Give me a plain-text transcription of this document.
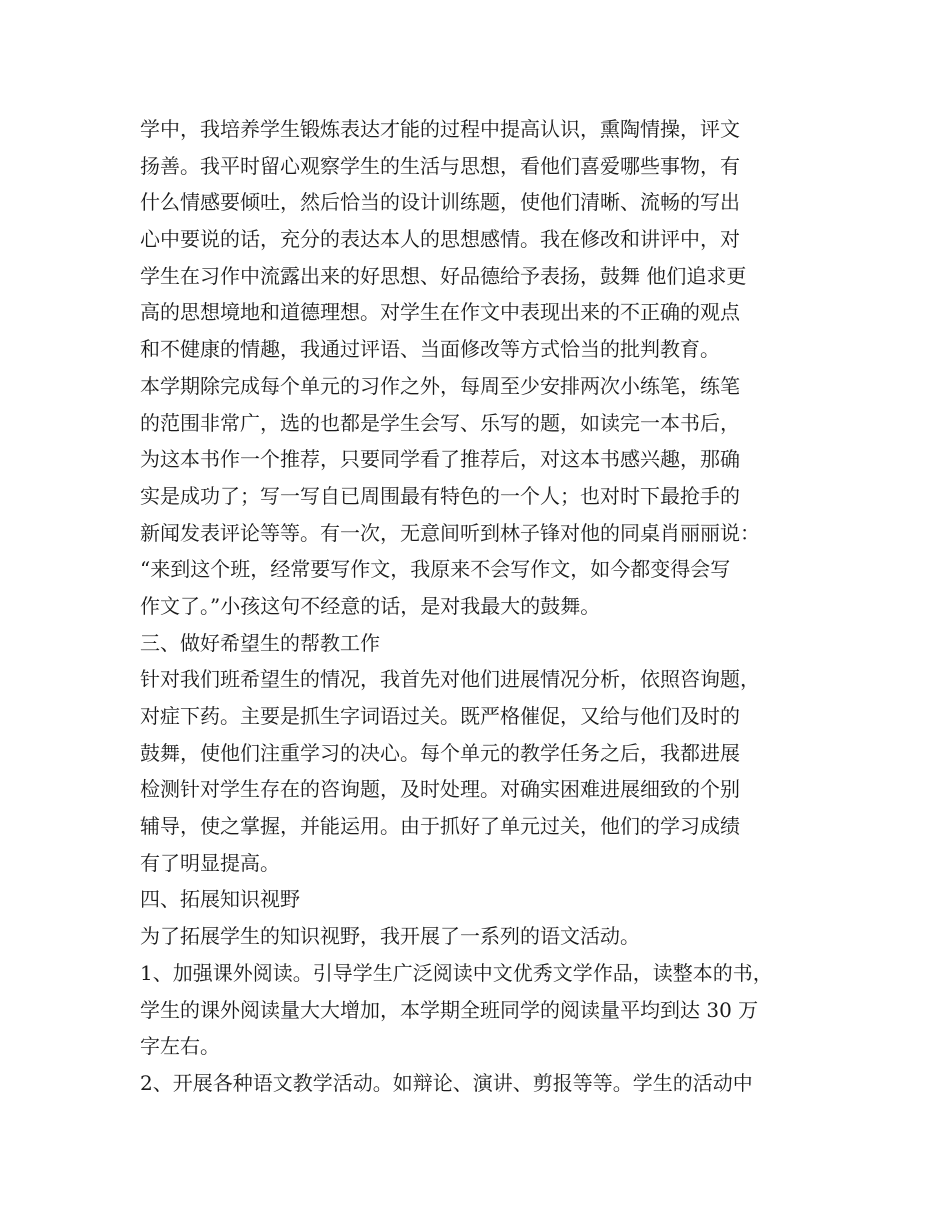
学中，我培养学生锻炼表达才能的过程中提高认识，熏陶情操，评文
扬善。我平时留心观察学生的生活与思想，看他们喜爱哪些事物，有
什么情感要倾吐，然后恰当的设计训练题，使他们清晰、流畅的写出
心中要说的话，充分的表达本人的思想感情。我在修改和讲评中，对
学生在习作中流露出来的好思想、好品德给予表扬，鼓舞 他们追求更
高的思想境地和道德理想。对学生在作文中表现出来的不正确的观点
和不健康的情趣，我通过评语、当面修改等方式恰当的批判教育。
本学期除完成每个单元的习作之外，每周至少安排两次小练笔，练笔
的范围非常广，选的也都是学生会写、乐写的题，如读完一本书后，
为这本书作一个推荐，只要同学看了推荐后，对这本书感兴趣，那确
实是成功了；写一写自已周围最有特色的一个人；也对时下最抢手的
新闻发表评论等等。有一次，无意间听到林子锋对他的同桌肖丽丽说：
“来到这个班，经常要写作文，我原来不会写作文，如今都变得会写
作文了。”小孩这句不经意的话，是对我最大的鼓舞。
三、做好希望生的帮教工作
针对我们班希望生的情况，我首先对他们进展情况分析，依照咨询题，
对症下药。主要是抓生字词语过关。既严格催促，又给与他们及时的
鼓舞，使他们注重学习的决心。每个单元的教学任务之后，我都进展
检测针对学生存在的咨询题，及时处理。对确实困难进展细致的个别
辅导，使之掌握，并能运用。由于抓好了单元过关，他们的学习成绩
有了明显提高。
四、拓展知识视野
为了拓展学生的知识视野，我开展了一系列的语文活动。
1、加强课外阅读。引导学生广泛阅读中文优秀文学作品，读整本的书，
学生的课外阅读量大大增加，本学期全班同学的阅读量平均到达 30 万
字左右。
2、开展各种语文教学活动。如辩论、演讲、剪报等等。学生的活动中
